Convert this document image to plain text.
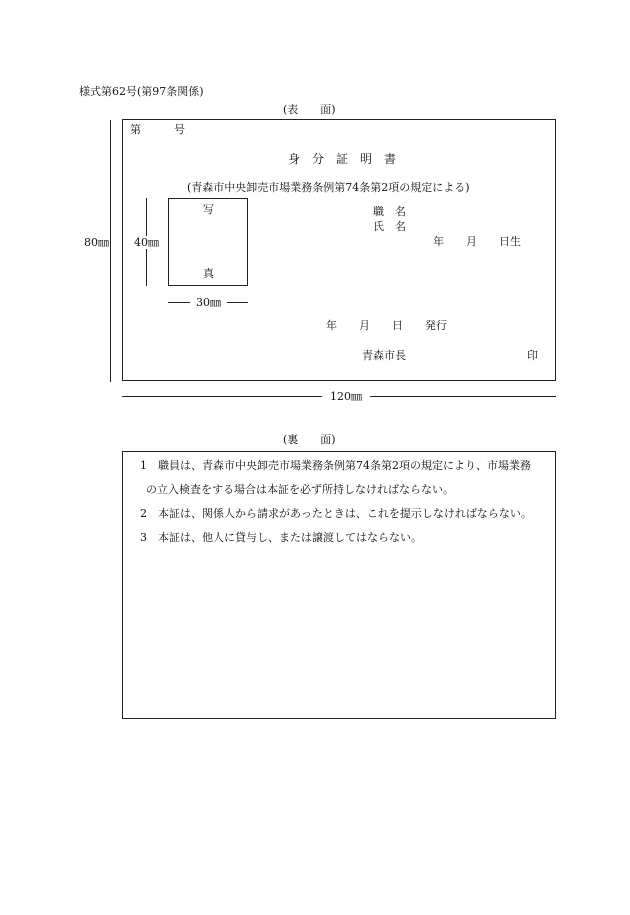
様式第62号(第97条関係)
(表　　面)
80㎜
第　　　号
身　分　証　明　書
(青森市中央卸売市場業務条例第74条第2項の規定による)
写
真
40㎜
30㎜
職　名
氏　名
年　　月　　日生
年　　月　　日　　発行
青森市長	印
120㎜
(裏　　面)
1 職員は、青森市中央卸売市場業務条例第74条第2項の規定により、市場業務
の立入検査をする場合は本証を必ず所持しなければならない。
2 本証は、関係人から請求があったときは、これを提示しなければならない。
3 本証は、他人に貸与し、または譲渡してはならない。
